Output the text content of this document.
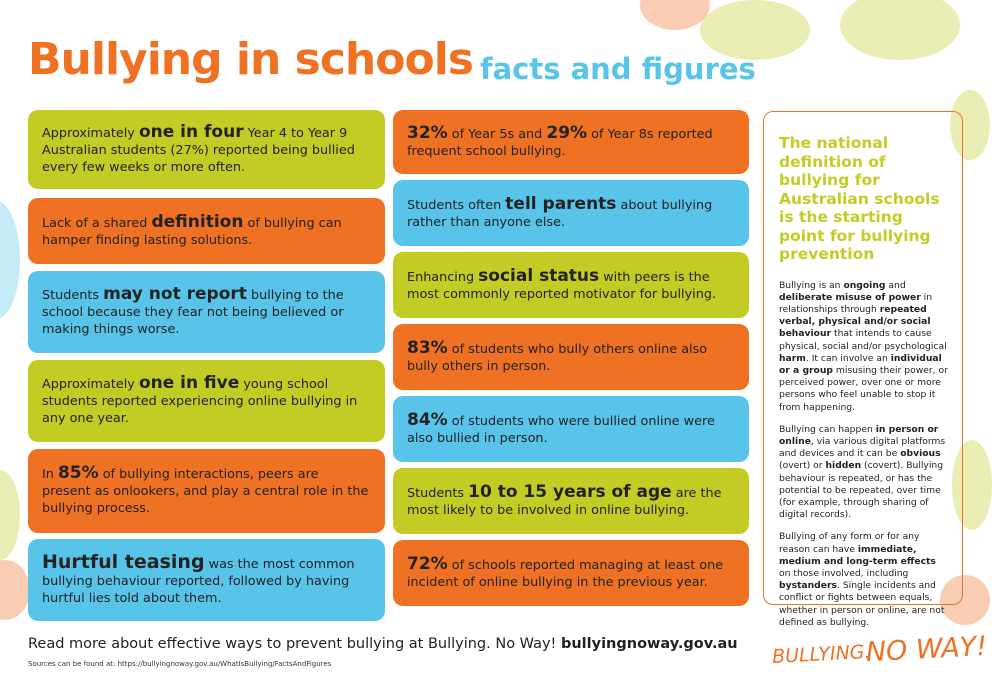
Bullying in schools facts and figures

Approximately one in four Year 4 to Year 9 Australian students (27%) reported being bullied every few weeks or more often.

Lack of a shared definition of bullying can hamper finding lasting solutions.

Students may not report bullying to the school because they fear not being believed or making things worse.

Approximately one in five young school students reported experiencing online bullying in any one year.

In 85% of bullying interactions, peers are present as onlookers, and play a central role in the bullying process.

Hurtful teasing was the most common bullying behaviour reported, followed by having hurtful lies told about them.

32% of Year 5s and 29% of Year 8s reported frequent school bullying.

Students often tell parents about bullying rather than anyone else.

Enhancing social status with peers is the most commonly reported motivator for bullying.

83% of students who bully others online also bully others in person.

84% of students who were bullied online were also bullied in person.

Students 10 to 15 years of age are the most likely to be involved in online bullying.

72% of schools reported managing at least one incident of online bullying in the previous year.

The national definition of bullying for Australian schools is the starting point for bullying prevention

Bullying is an ongoing and deliberate misuse of power in relationships through repeated verbal, physical and/or social behaviour that intends to cause physical, social and/or psychological harm. It can involve an individual or a group misusing their power, or perceived power, over one or more persons who feel unable to stop it from happening.

Bullying can happen in person or online, via various digital platforms and devices and it can be obvious (overt) or hidden (covert). Bullying behaviour is repeated, or has the potential to be repeated, over time (for example, through sharing of digital records).

Bullying of any form or for any reason can have immediate, medium and long-term effects on those involved, including bystanders. Single incidents and conflict or fights between equals, whether in person or online, are not defined as bullying.

Read more about effective ways to prevent bullying at Bullying. No Way! bullyingnoway.gov.au
Sources can be found at: https://bullyingnoway.gov.au/WhatIsBullying/FactsAndFigures	BULLYING.
NO WAY!
